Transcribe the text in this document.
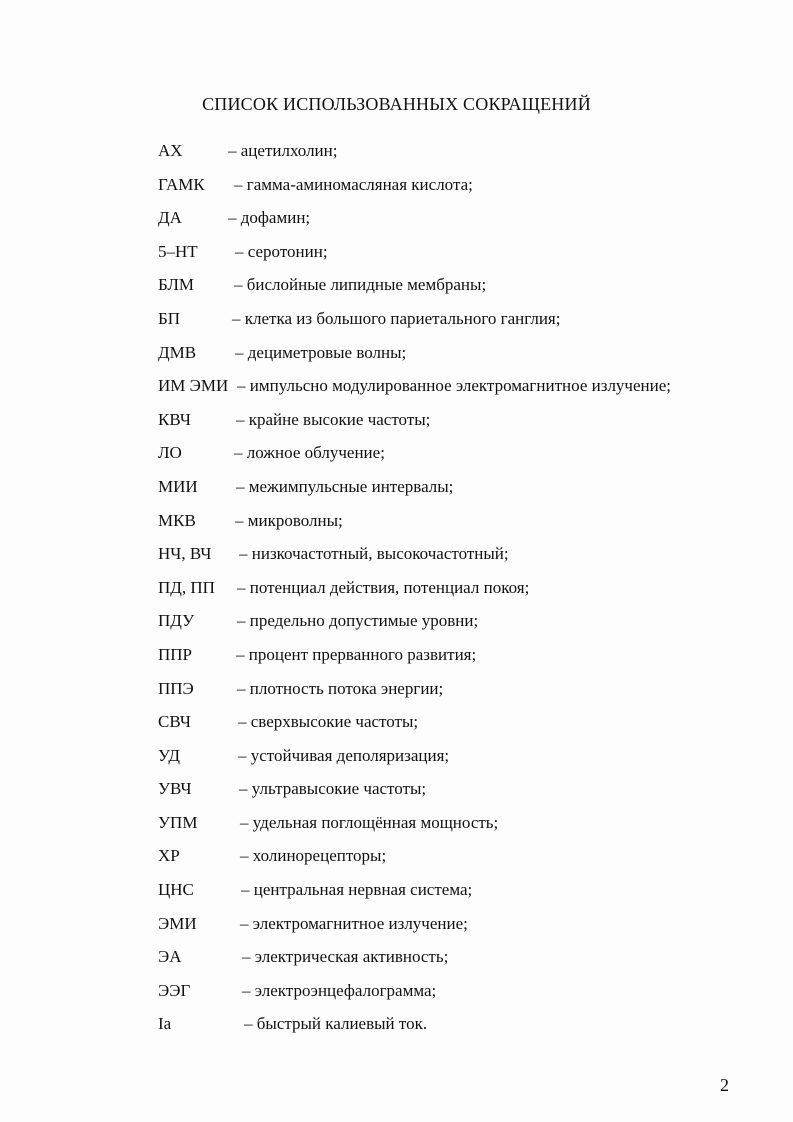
СПИСОК ИСПОЛЬЗОВАННЫХ СОКРАЩЕНИЙ
АХ	– ацетилхолин;
ГАМК – гамма-аминомасляная кислота;
ДА	– дофамин;
5–НТ – серотонин;
БЛМ – бислойные липидные мембраны;
БП	– клетка из большого париетального ганглия;
ДМВ – дециметровые волны;
ИМ ЭМИ – импульсно модулированное электромагнитное излучение;
КВЧ	– крайне высокие частоты;
ЛО	– ложное облучение;
МИИ – межимпульсные интервалы;
МКВ – микроволны;
НЧ, ВЧ – низкочастотный, высокочастотный;
ПД, ПП – потенциал действия, потенциал покоя;
ПДУ	– предельно допустимые уровни;
ППР	– процент прерванного развития;
ППЭ	– плотность потока энергии;
СВЧ	– сверхвысокие частоты;
УД	– устойчивая деполяризация;
УВЧ	– ультравысокие частоты;
УПМ	– удельная поглощённая мощность;
ХР	– холинорецепторы;
ЦНС	– центральная нервная система;
ЭМИ	– электромагнитное излучение;
ЭА	– электрическая активность;
ЭЭГ	– электроэнцефалограмма;
Ia	– быстрый калиевый ток.
2
